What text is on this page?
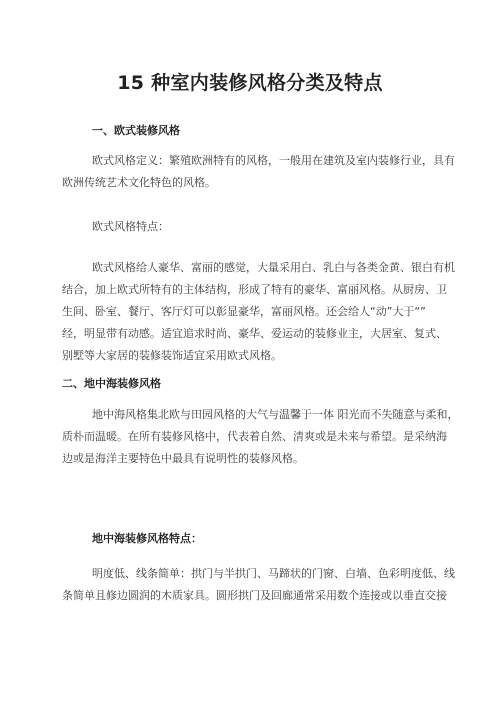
15 种室内装修风格分类及特点
一、欧式装修风格
欧式风格定义：繁殖欧洲特有的风格，一般用在建筑及室内装修行业，具有
欧洲传统艺术文化特色的风格。
欧式风格特点：
欧式风格给人豪华、富丽的感觉，大量采用白、乳白与各类金黄、银白有机
结合，加上欧式所特有的主体结构，形成了特有的豪华、富丽风格。从厨房、卫
生间、卧室、餐厅、客厅灯可以彰显豪华，富丽风格。还会给人“动”大于“”
经，明显带有动感。适宜追求时尚、豪华、爱运动的装修业主，大居室、复式、
别墅等大家居的装修装饰适宜采用欧式风格。
二、地中海装修风格
地中海风格集北欧与田园风格的大气与温馨于一体 阳光而不失随意与柔和，
质朴而温暖。在所有装修风格中，代表着自然、清爽或是未来与希望。是采纳海
边或是海洋主要特色中最具有说明性的装修风格。
地中海装修风格特点：
明度低、线条简单：拱门与半拱门、马蹄状的门窗、白墙、色彩明度低、线
条简单且修边圆润的木质家具。圆形拱门及回廊通常采用数个连接或以垂直交接
